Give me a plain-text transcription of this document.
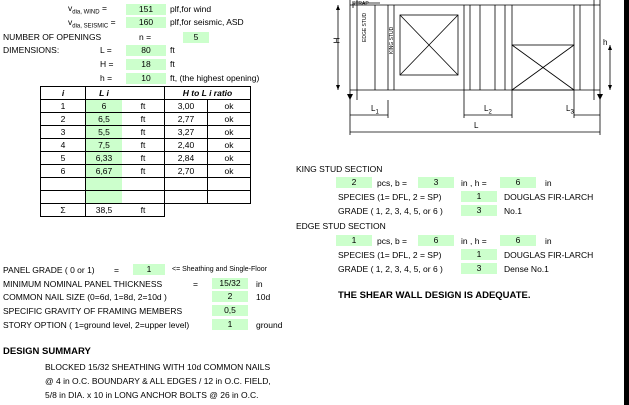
$v_{dia, WIND}$ =	151	plf,for wind
$v_{dia, SEISMIC}$ =	160	plf,for seismic, ASD
NUMBER OF OPENINGS	n =	5
DIMENSIONS:	L =	80	ft
H =	18	ft
h =	10	ft, (the highest opening)
i	L i		H to L i ratio	
1	6	ft	3,00	ok
2	6,5	ft	2,77	ok
3	5,5	ft	3,27	ok
4	7,5	ft	2,40	ok
5	6,33	ft	2,84	ok
6	6,67	ft	2,70	ok

Σ	38,5	ft		
PANEL GRADE ( 0 or 1) =	1	<= Sheathing and Single-Floor
MINIMUM NOMINAL PANEL THICKNESS	=	15/32	in
COMMON NAIL SIZE (0=6d, 1=8d, 2=10d )	2	10d
SPECIFIC GRAVITY OF FRAMING MEMBERS	0,5
STORY OPTION ( 1=ground level, 2=upper level)	1	ground
DESIGN SUMMARY
BLOCKED 15/32 SHEATHING WITH 10d COMMON NAILS
@ 4 in O.C. BOUNDARY & ALL EDGES / 12 in O.C. FIELD,
5/8 in DIA. x 10 in LONG ANCHOR BOLTS @ 26 in O.C.
KING STUD SECTION
2	pcs, b =	3	in , h =	6	in
SPECIES (1= DFL, 2 = SP)	1	DOUGLAS FIR-LARCH
GRADE ( 1, 2, 3, 4, 5, or 6 )	3	No.1
EDGE STUD SECTION
1	pcs, b =	6	in , h =	6	in
SPECIES (1= DFL, 2 = SP)	1	DOUGLAS FIR-LARCH
GRADE ( 1, 2, 3, 4, 5, or 6 )	3	Dense No.1
THE SHEAR WALL DESIGN IS ADEQUATE.
STRAP
EDGE STUD	KING STUD
H	h
$L_1$	$L_2$	$L_3$
L
